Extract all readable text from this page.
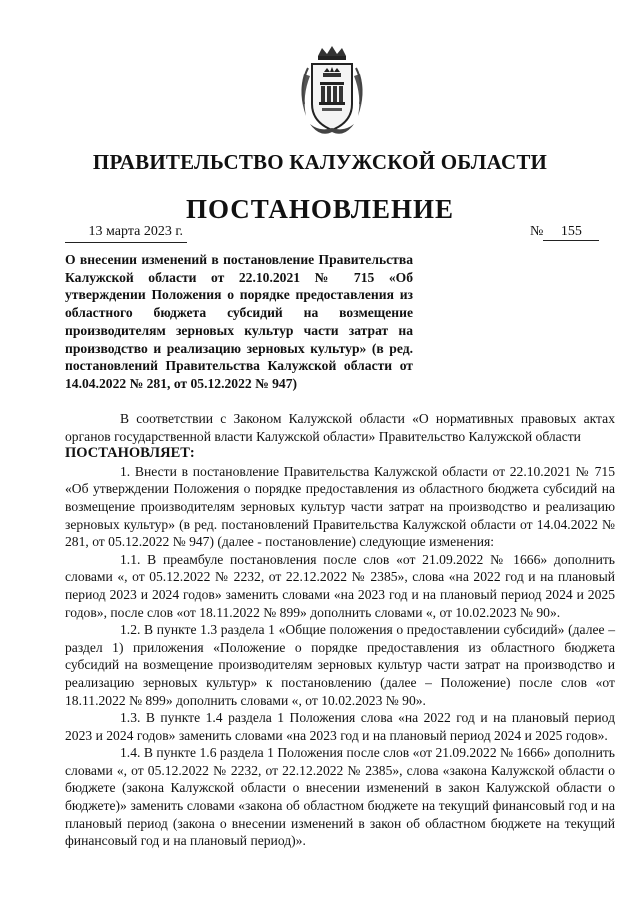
ПРАВИТЕЛЬСТВО КАЛУЖСКОЙ ОБЛАСТИ
ПОСТАНОВЛЕНИЕ
13 марта 2023 г.	№ 155
О внесении изменений в постановление Правительства Калужской области от 22.10.2021 № 715 «Об утверждении Положения о порядке предоставления из областного бюджета субсидий на возмещение производителям зерновых культур части затрат на производство и реализацию зерновых культур» (в ред. постановлений Правительства Калужской области от 14.04.2022 № 281, от 05.12.2022 № 947)

В соответствии с Законом Калужской области «О нормативных правовых актах органов государственной власти Калужской области» Правительство Калужской области

ПОСТАНОВЛЯЕТ:

1. Внести в постановление Правительства Калужской области от 22.10.2021 № 715 «Об утверждении Положения о порядке предоставления из областного бюджета субсидий на возмещение производителям зерновых культур части затрат на производство и реализацию зерновых культур» (в ред. постановлений Правительства Калужской области от 14.04.2022 № 281, от 05.12.2022 № 947) (далее - постановление) следующие изменения:

1.1. В преамбуле постановления после слов «от 21.09.2022 № 1666» дополнить словами «, от 05.12.2022 № 2232, от 22.12.2022 № 2385», слова «на 2022 год и на плановый период 2023 и 2024 годов» заменить словами «на 2023 год и на плановый период 2024 и 2025 годов», после слов «от 18.11.2022 № 899» дополнить словами «, от 10.02.2023 № 90».

1.2. В пункте 1.3 раздела 1 «Общие положения о предоставлении субсидий» (далее – раздел 1) приложения «Положение о порядке предоставления из областного бюджета субсидий на возмещение производителям зерновых культур части затрат на производство и реализацию зерновых культур» к постановлению (далее – Положение) после слов «от 18.11.2022 № 899» дополнить словами «, от 10.02.2023 № 90».

1.3. В пункте 1.4 раздела 1 Положения слова «на 2022 год и на плановый период 2023 и 2024 годов» заменить словами «на 2023 год и на плановый период 2024 и 2025 годов».

1.4. В пункте 1.6 раздела 1 Положения после слов «от 21.09.2022 № 1666» дополнить словами «, от 05.12.2022 № 2232, от 22.12.2022 № 2385», слова «закона Калужской области о бюджете (закона Калужской области о внесении изменений в закон Калужской области о бюджете)» заменить словами «закона об областном бюджете на текущий финансовый год и на плановый период (закона о внесении изменений в закон об областном бюджете на текущий финансовый год и на плановый период)».
